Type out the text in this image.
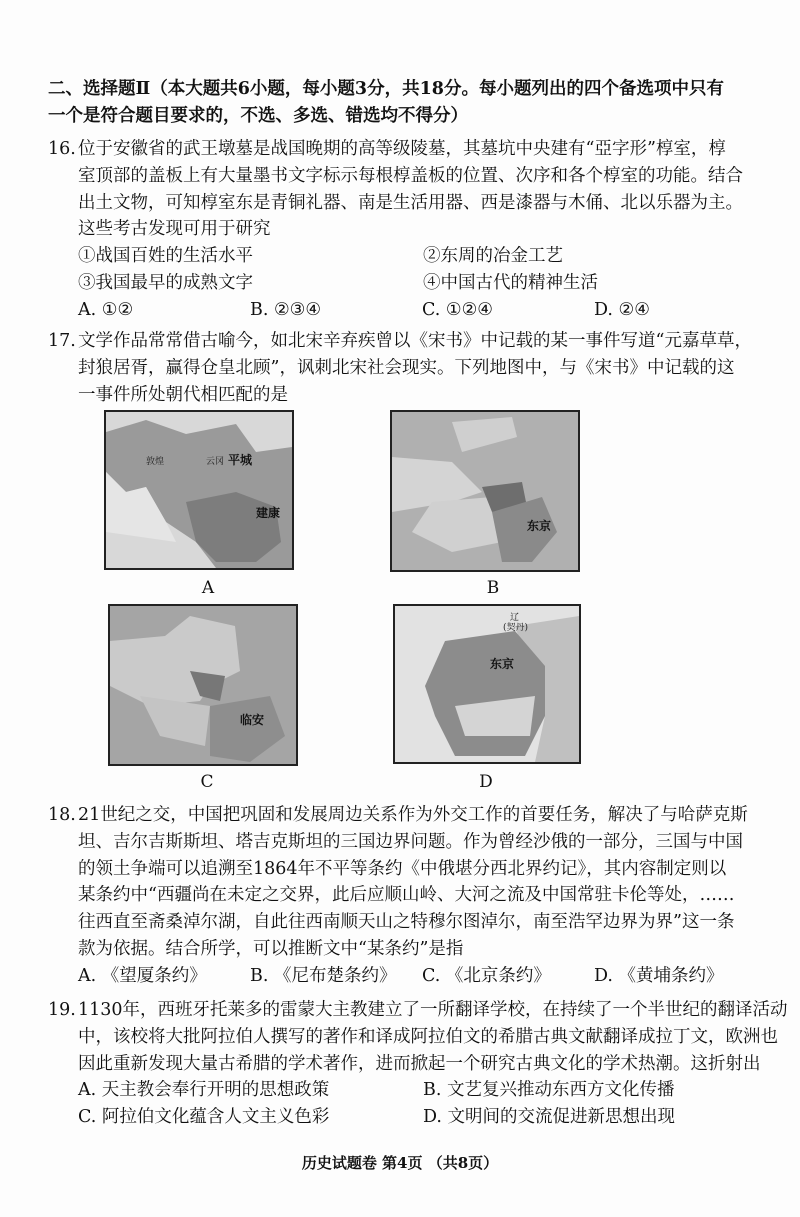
二、选择题Ⅱ（本大题共6小题，每小题3分，共18分。每小题列出的四个备选项中只有
一个是符合题目要求的，不选、多选、错选均不得分）
16. 位于安徽省的武王墩墓是战国晚期的高等级陵墓，其墓坑中央建有“亞字形”椁室，椁
室顶部的盖板上有大量墨书文字标示每根椁盖板的位置、次序和各个椁室的功能。结合
出土文物，可知椁室东是青铜礼器、南是生活用器、西是漆器与木俑、北以乐器为主。
这些考古发现可用于研究
①战国百姓的生活水平	②东周的冶金工艺
③我国最早的成熟文字	④中国古代的精神生活
A. ①②	B. ②③④	C. ①②④	D. ②④
17. 文学作品常常借古喻今，如北宋辛弃疾曾以《宋书》中记载的某一事件写道“元嘉草草，
封狼居胥，赢得仓皇北顾”，讽刺北宋社会现实。下列地图中，与《宋书》中记载的这
一事件所处朝代相匹配的是
敦煌	云冈 平城
建康
A
东京
B
临安
C
辽
(契丹)
东京
D
18. 21世纪之交，中国把巩固和发展周边关系作为外交工作的首要任务，解决了与哈萨克斯
坦、吉尔吉斯斯坦、塔吉克斯坦的三国边界问题。作为曾经沙俄的一部分，三国与中国
的领土争端可以追溯至1864年不平等条约《中俄堪分西北界约记》，其内容制定则以
某条约中“西疆尚在未定之交界，此后应顺山岭、大河之流及中国常驻卡伦等处，……
往西直至斋桑淖尔湖，自此往西南顺天山之特穆尔图淖尔，南至浩罕边界为界”这一条
款为依据。结合所学，可以推断文中“某条约”是指
A. 《望厦条约》	B. 《尼布楚条约》	C. 《北京条约》	D. 《黄埔条约》
19. 1130年，西班牙托莱多的雷蒙大主教建立了一所翻译学校，在持续了一个半世纪的翻译活动
中，该校将大批阿拉伯人撰写的著作和译成阿拉伯文的希腊古典文献翻译成拉丁文，欧洲也
因此重新发现大量古希腊的学术著作，进而掀起一个研究古典文化的学术热潮。这折射出
A. 天主教会奉行开明的思想政策	B. 文艺复兴推动东西方文化传播
C. 阿拉伯文化蕴含人文主义色彩	D. 文明间的交流促进新思想出现
历史试题卷 第4页 （共8页）
